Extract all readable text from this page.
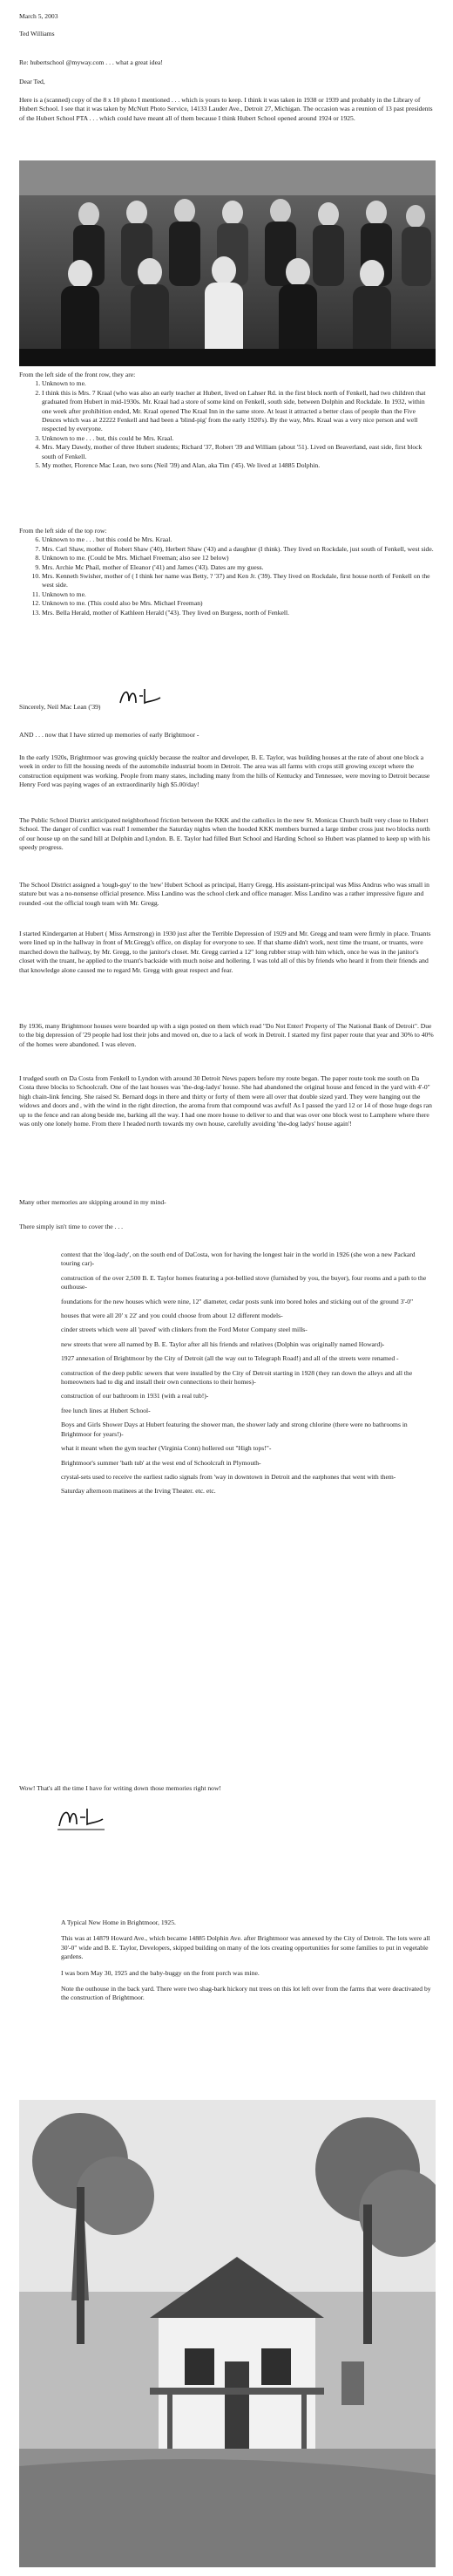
March 5, 2003

Ted Williams

Re: hubertschool @myway.com . . . what a great idea!

Dear Ted,

Here is a (scanned) copy of the 8 x 10 photo I mentioned . . . which is yours to keep. I think it was taken in 1938 or 1939 and probably in the Library of Hubert School. I see that it was taken by McNutt Photo Service, 14133 Lauder Ave., Detroit 27, Michigan. The occasion was a reunion of 13 past presidents of the Hubert School PTA . . . which could have meant all of them because I think Hubert School opened around 1924 or 1925.

From the left side of the front row, they are:

1. Unknown to me.
2. I think this is Mrs. 7 Kraal (who was also an early teacher at Hubert, lived on Lahser Rd. in the first block north of Fenkell, had two children that graduated from Hubert in mid-1930s. Mr. Kraal had a store of some kind on Fenkell, south side, between Dolphin and Rockdale. In 1932, within one week after prohibition ended, Mr. Kraal opened The Kraal Inn in the same store. At least it attracted a better class of people than the Five Deuces which was at 22222 Fenkell and had been a 'blind-pig' from the early 1920's). By the way, Mrs. Kraal was a very nice person and well respected by everyone.
3. Unknown to me . . . but, this could be Mrs. Kraal.
4. Mrs. Mary Dawdy, mother of three Hubert students; Richard '37, Robert '39 and William (about '51). Lived on Beaverland, east side, first block south of Fenkell.
5. My mother, Florence Mac Lean, two sons (Neil '39) and Alan, aka Tim ('45). We lived at 14885 Dolphin.

From the left side of the top row:

6. Unknown to me . . . but this could be Mrs. Kraal.
7. Mrs. Carl Shaw, mother of Robert Shaw ('40), Herbert Shaw ('43) and a daughter (I think). They lived on Rockdale, just south of Fenkell, west side.
8. Unknown to me. (Could be Mrs. Michael Freeman; also see 12 below)
9. Mrs. Archie Mc Phail, mother of Eleanor ('41) and James ('43). Dates are my guess.
10. Mrs. Kenneth Swisher, mother of ( I think her name was Betty, ? '37) and Ken Jr. ('39). They lived on Rockdale, first house north of Fenkell on the west side.
11. Unknown to me.
12. Unknown to me. (This could also be Mrs. Michael Freeman)
13. Mrs. Bella Herald, mother of Kathleen Herald (''43). They lived on Burgess, north of Fenkell.
Sincerely, Neil Mac Lean ('39)
AND . . . now that I have stirred up memories of early Brightmoor -
In the early 1920s, Brightmoor was growing quickly because the realtor and developer, B. E. Taylor, was building houses at the rate of about one block a week in order to fill the housing needs of the automobile industrial boom in Detroit. The area was all farms with crops still growing except where the construction equipment was working. People from many states, including many from the hills of Kentucky and Tennessee, were moving to Detroit because Henry Ford was paying wages of an extraordinarily high $5.00/day!
The Public School District anticipated neighborhood friction between the KKK and the catholics in the new St. Monicas Church built very close to Hubert School. The danger of conflict was real! I remember the Saturday nights when the hooded KKK members burned a large timber cross just two blocks north of our house up on the sand hill at Dolphin and Lyndon. B. E. Taylor had filled Burt School and Harding School so Hubert was planned to keep up with his speedy progress.
The School District assigned a 'tough-guy' to the 'new' Hubert School as principal, Harry Gregg. His assistant-principal was Miss Andrus who was small in stature but was a no-nonsense official presence. Miss Landino was the school clerk and office manager. Miss Landino was a rather impressive figure and rounded -out the official tough team with Mr. Gregg.
I started Kindergarten at Hubert ( Miss Armstrong) in 1930 just after the Terrible Depression of 1929 and Mr. Gregg and team were firmly in place. Truants were lined up in the hallway in front of Mr.Gregg's office, on display for everyone to see. If that shame didn't work, next time the truant, or truants, were marched down the hallway, by Mr. Gregg, to the janitor's closet. Mr. Gregg carried a 12" long rubber strap with him which, once he was in the janitor's closet with the truant, he applied to the truant's backside with much noise and hollering. I was told all of this by friends who heard it from their friends and that knowledge alone caused me to regard Mr. Gregg with great respect and fear.
By 1936, many Brightmoor houses were boarded up with a sign posted on them which read "Do Not Enter! Property of The National Bank of Detroit". Due to the big depression of '29 people had lost their jobs and moved on, due to a lack of work in Detroit. I started my first paper route that year and 30% to 40% of the homes were abandoned. I was eleven.
I trudged south on Da Costa from Fenkell to Lyndon with around 30 Detroit News papers before my route began. The paper route took me south on Da Costa three blocks to Schoolcraft. One of the last houses was 'the-dog-ladys' house. She had abandoned the original house and fenced in the yard with 4'-0" high chain-link fencing. She raised St. Bernard dogs in there and thirty or forty of them were all over that double sized yard. They were hanging out the widows and doors and , with the wind in the right direction, the aroma from that compound was awful! As I passed the yard 12 or 14 of those huge dogs ran up to the fence and ran along beside me, barking all the way. I had one more house to deliver to and that was over one block west to Lamphere where there was only one lonely home. From there I headed north towards my own house, carefully avoiding 'the-dog ladys' house again'!
Many other memories are skipping around in my mind-
There simply isn't time to cover the . . .

context that the 'dog-lady', on the south end of DaCosta, won for having the longest hair in the world in 1926 (she won a new Packard touring car)-

construction of the over 2,500 B. E. Taylor homes featuring a pot-bellied stove (furnished by you, the buyer), four rooms and a path to the outhouse-

foundations for the new houses which were nine, 12" diameter, cedar posts sunk into bored holes and sticking out of the ground 3'-0"

houses that were all 20' x 22' and you could choose from about 12 different models-

cinder streets which were all 'paved' with clinkers from the Ford Motor Company steel mills-

new streets that were all named by B. E. Taylor after all his friends and relatives (Dolphin was originally named Howard)-

1927 annexation of Brightmoor by the City of Detroit (all the way out to Telegraph Road!) and all of the streets were renamed -

construction of the deep public sewers that were installed by the City of Detroit starting in 1928 (they ran down the alleys and all the homeowners had to dig and install their own connections to their homes)-

construction of our bathroom in 1931 (with a real tub!)-

free lunch lines at Hubert School-

Boys and Girls Shower Days at Hubert featuring the shower man, the shower lady and strong chlorine (there were no bathrooms in Brightmoor for years!)-

what it meant when the gym teacher (Virginia Conn) hollered out "High tops!"-

Brightmoor's summer 'bath tub' at the west end of Schoolcraft in Plymouth-

crystal-sets used to receive the earliest radio signals from 'way in downtown in Detroit and the earphones that went with them-

Saturday afternoon matinees at the Irving Theater. etc. etc.

Wow! That's all the time I have for writing down those memories right now!

A Typical New Home in Brightmoor, 1925.

This was at 14879 Howard Ave., which became 14885 Dolphin Ave. after Brightmoor was annexed by the City of Detroit. The lots were all 30'-0" wide and B. E. Taylor, Developers, skipped building on many of the lots creating opportunities for some families to put in vegetable gardens.

I was born May 30, 1925 and the baby-buggy on the front porch was mine.

Note the outhouse in the back yard. There were two shag-bark hickory nut trees on this lot left over from the farms that were deactivated by the construction of Brightmoor.
